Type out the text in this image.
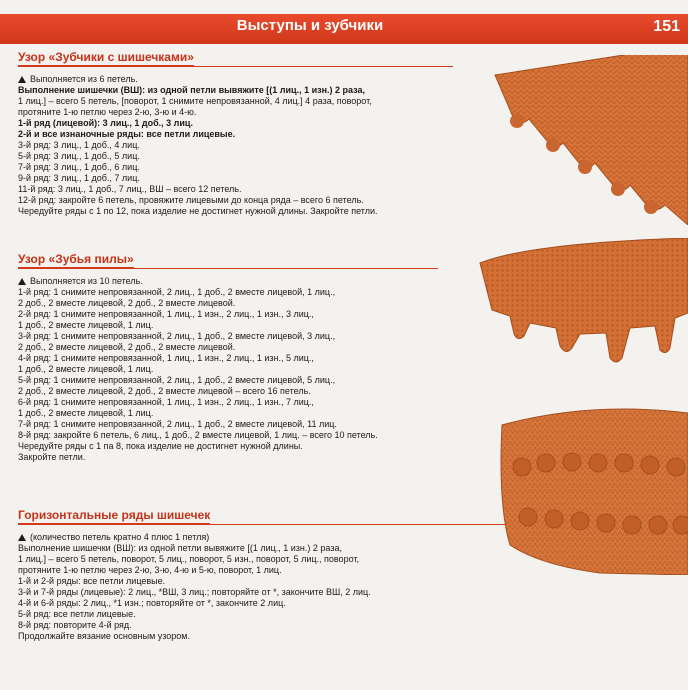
Выступы и зубчики	151
Узор «Зубчики с шишечками»

Выполняется из 6 петель.

Выполнение шишечки (ВШ): из одной петли вывяжите [(1 лиц., 1 изн.) 2 раза,

1 лиц.] – всего 5 петель, [поворот, 1 снимите непровязанной, 4 лиц.] 4 раза, поворот,

протяните 1-ю петлю через 2-ю, 3-ю и 4-ю.

1-й ряд (лицевой): 3 лиц., 1 доб., 3 лиц.

2-й и все изнаночные ряды: все петли лицевые.

3-й ряд: 3 лиц., 1 доб., 4 лиц.

5-й ряд: 3 лиц., 1 доб., 5 лиц.

7-й ряд: 3 лиц., 1 доб., 6 лиц.

9-й ряд: 3 лиц., 1 доб., 7 лиц.

11-й ряд: 3 лиц., 1 доб., 7 лиц., ВШ – всего 12 петель.

12-й ряд: закройте 6 петель, провяжите лицевыми до конца ряда – всего 6 петель.

Чередуйте ряды с 1 по 12, пока изделие не достигнет нужной длины. Закройте петли.

Узор «Зубья пилы»

Выполняется из 10 петель.

1-й ряд: 1 снимите непровязанной, 2 лиц., 1 доб., 2 вместе лицевой, 1 лиц.,

2 доб., 2 вместе лицевой, 2 доб., 2 вместе лицевой.

2-й ряд: 1 снимите непровязанной, 1 лиц., 1 изн., 2 лиц., 1 изн., 3 лиц.,

1 доб., 2 вместе лицевой, 1 лиц.

3-й ряд: 1 снимите непровязанной, 2 лиц., 1 доб., 2 вместе лицевой, 3 лиц.,

2 доб., 2 вместе лицевой, 2 доб., 2 вместе лицевой.

4-й ряд: 1 снимите непровязанной, 1 лиц., 1 изн., 2 лиц., 1 изн., 5 лиц.,

1 доб., 2 вместе лицевой, 1 лиц.

5-й ряд: 1 снимите непровязанной, 2 лиц., 1 доб., 2 вместе лицевой, 5 лиц.,

2 доб., 2 вместе лицевой, 2 доб., 2 вместе лицевой – всего 16 петель.

6-й ряд: 1 снимите непровязанной, 1 лиц., 1 изн., 2 лиц., 1 изн., 7 лиц.,

1 доб., 2 вместе лицевой, 1 лиц.

7-й ряд: 1 снимите непровязанной, 2 лиц., 1 доб., 2 вместе лицевой, 11 лиц.

8-й ряд: закройте 6 петель, 6 лиц., 1 доб., 2 вместе лицевой, 1 лиц. – всего 10 петель.

Чередуйте ряды с 1 па 8, пока изделие не достигнет нужной длины.

Закройте петли.

Горизонтальные ряды шишечек

(количество петель кратно 4 плюс 1 петля)

Выполнение шишечки (ВШ): из одной петли вывяжите [(1 лиц., 1 изн.) 2 раза,

1 лиц.] – всего 5 петель, поворот, 5 лиц., поворот, 5 изн., поворот, 5 лиц., поворот,

протяните 1-ю петлю через 2-ю, 3-ю, 4-ю и 5-ю, поворот, 1 лиц.

1-й и 2-й ряды: все петли лицевые.

3-й и 7-й ряды (лицевые): 2 лиц., *ВШ, 3 лиц.; повторяйте от *, закончите ВШ, 2 лиц.

4-й и 6-й ряды: 2 лиц., *1 изн.; повторяйте от *, закончите 2 лиц.

5-й ряд: все петли лицевые.

8-й ряд: повторите 4-й ряд.

Продолжайте вязание основным узором.
